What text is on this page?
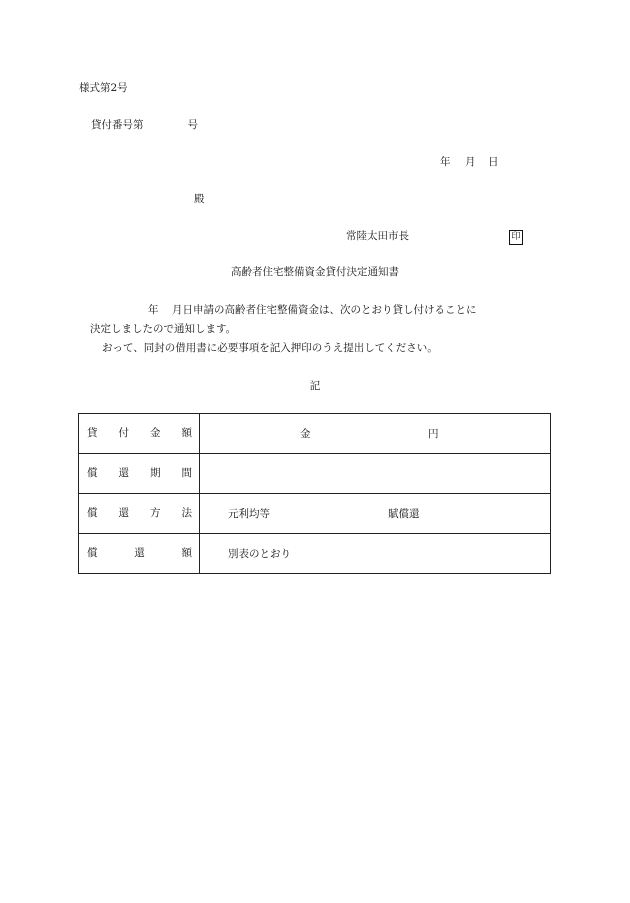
様式第2号
貸付番号第	号
年 月 日
殿
常陸太田市長	印
高齢者住宅整備資金貸付決定通知書
年 月日申請の高齢者住宅整備資金は、次のとおり貸し付けることに
決定しましたので通知します。
おって、同封の借用書に必要事項を記入押印のうえ提出してください。
記
貸 付 金 額	金 円

償 還 期 間	

償 還 方 法	元利均等 賦償還

償 還 額	別表のとおり
